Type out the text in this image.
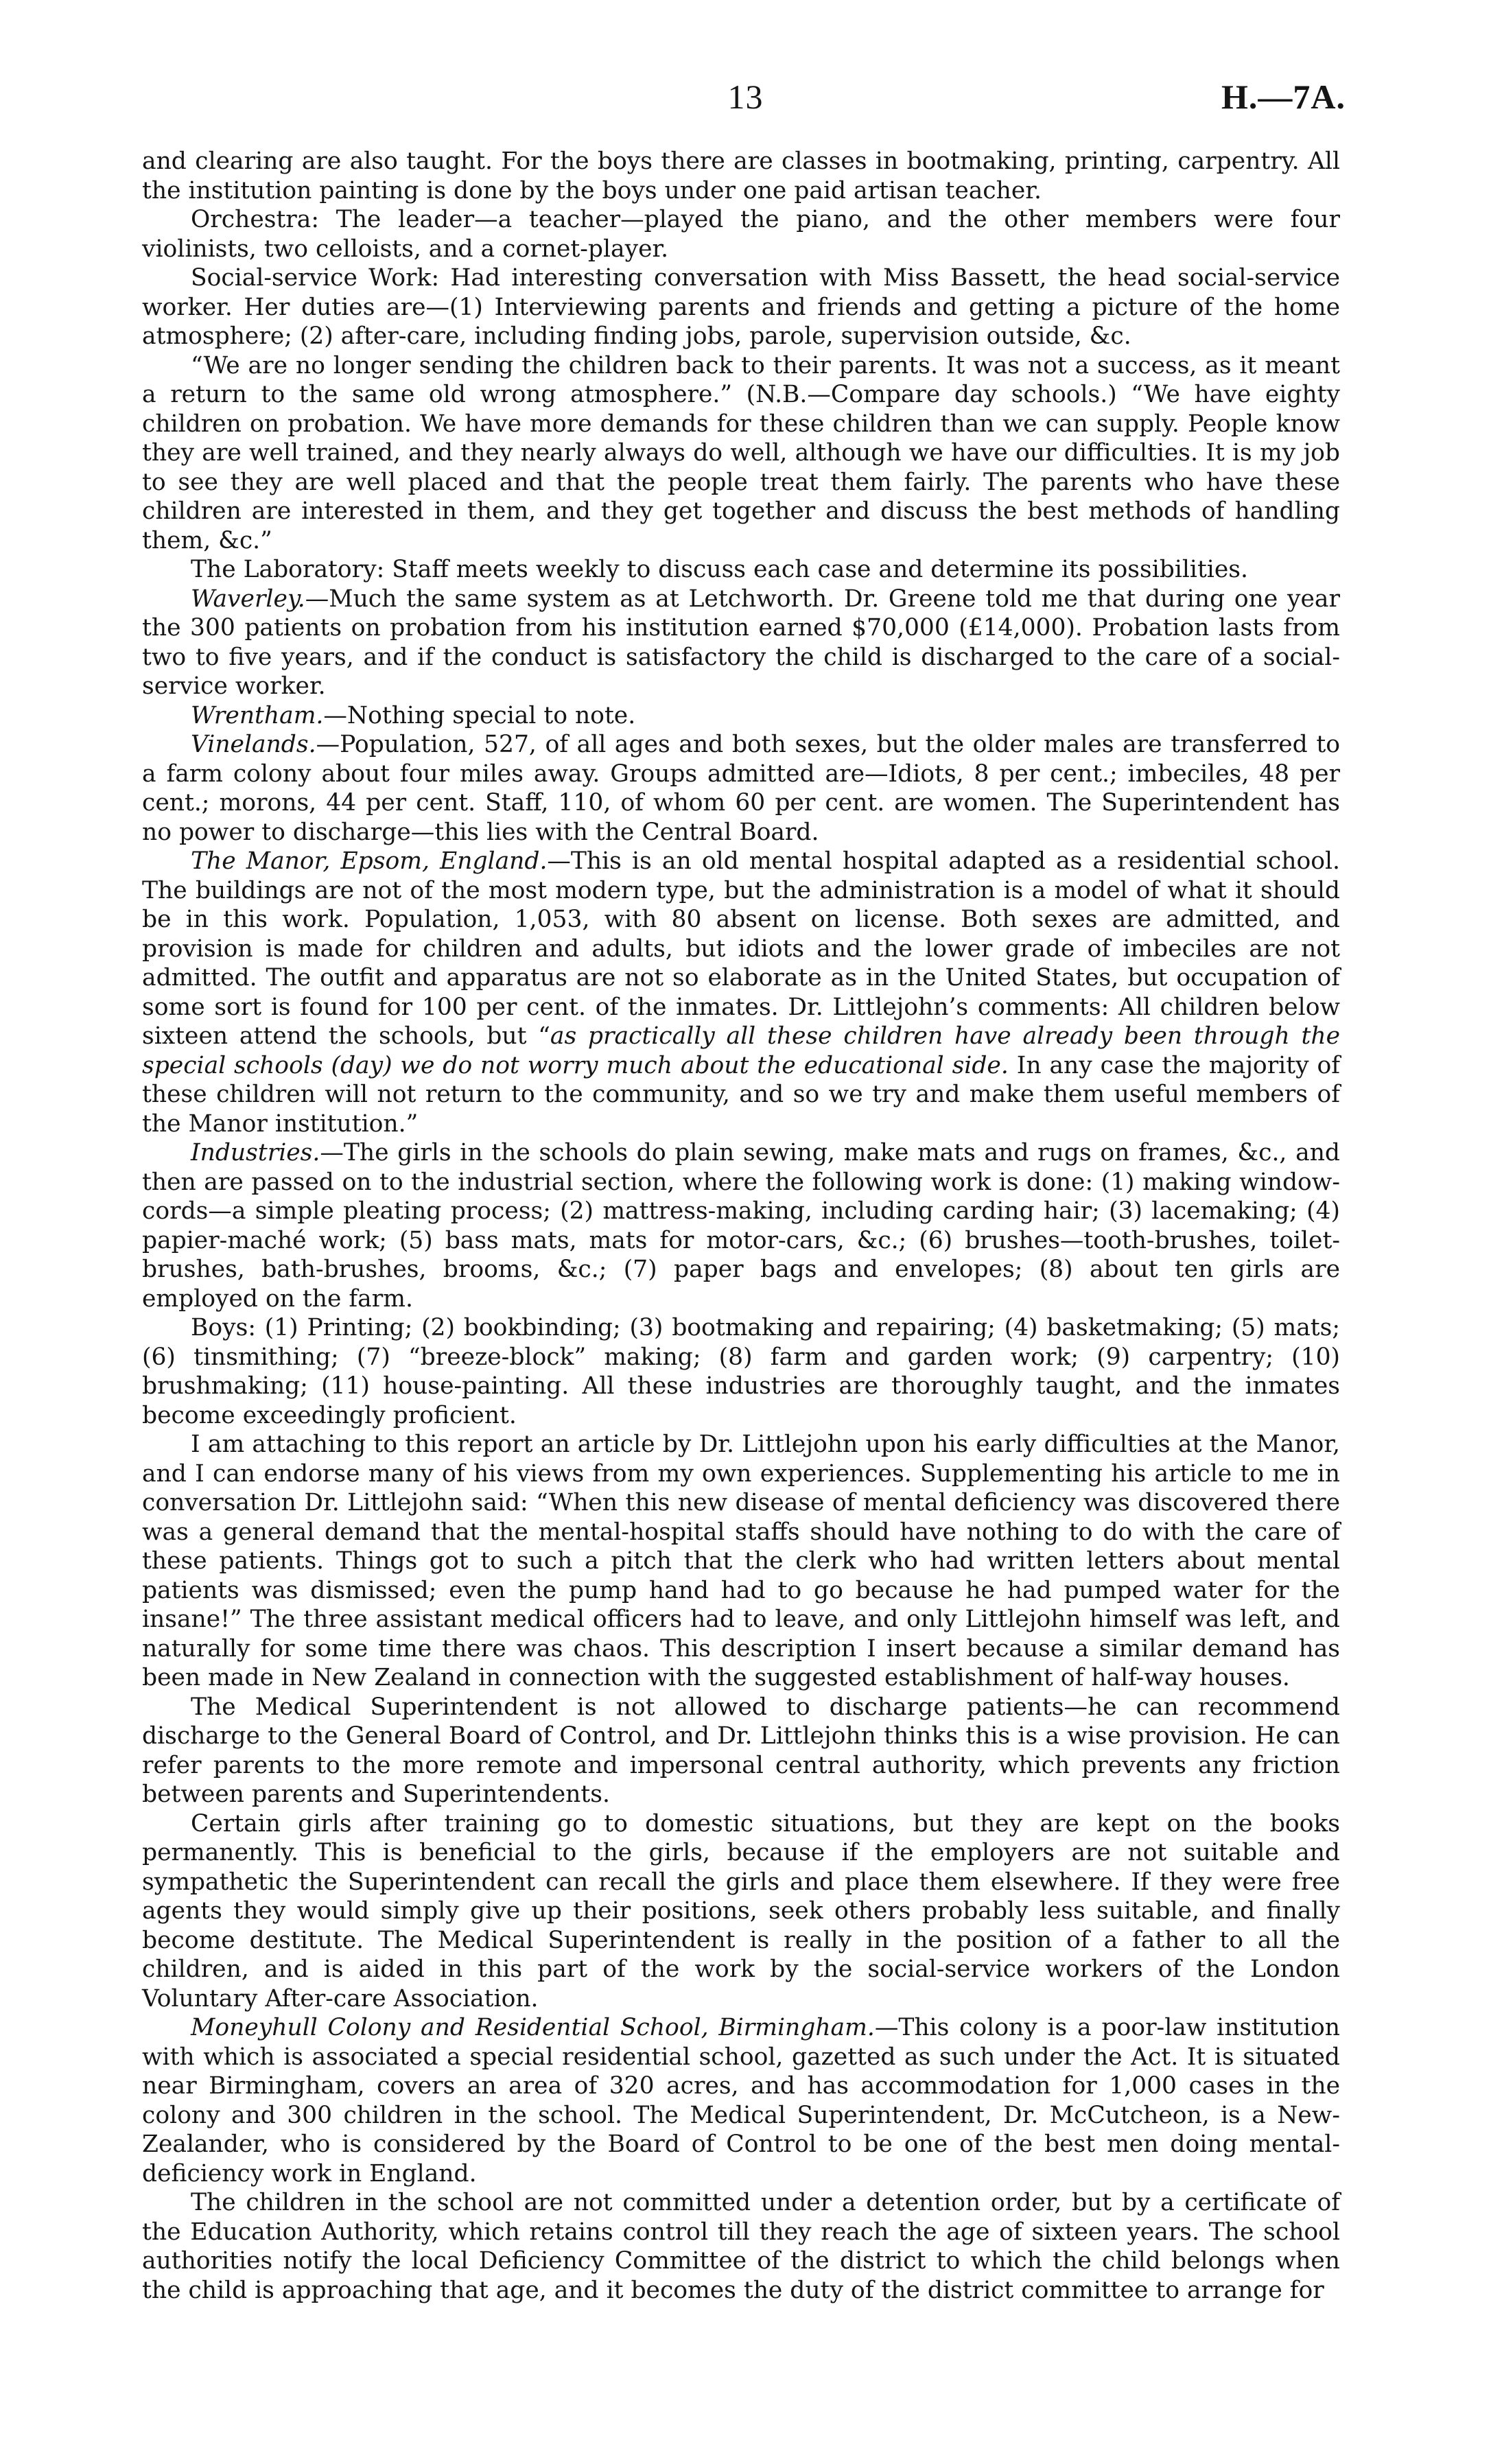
13	H.—7A.

and clearing are also taught. For the boys there are classes in bootmaking, printing, carpentry. All the institution painting is done by the boys under one paid artisan teacher.

Orchestra: The leader—a teacher—played the piano, and the other members were four violinists, two celloists, and a cornet-player.

Social-service Work: Had interesting conversation with Miss Bassett, the head social-service worker. Her duties are—(1) Interviewing parents and friends and getting a picture of the home atmosphere; (2) after-care, including finding jobs, parole, supervision outside, &c.

“We are no longer sending the children back to their parents. It was not a success, as it meant a return to the same old wrong atmosphere.” (N.B.—Compare day schools.) “We have eighty children on probation. We have more demands for these children than we can supply. People know they are well trained, and they nearly always do well, although we have our difficulties. It is my job to see they are well placed and that the people treat them fairly. The parents who have these children are interested in them, and they get together and discuss the best methods of handling them, &c.”

The Laboratory: Staff meets weekly to discuss each case and determine its possibilities.

Waverley.—Much the same system as at Letchworth. Dr. Greene told me that during one year the 300 patients on probation from his institution earned $70,000 (£14,000). Probation lasts from two to five years, and if the conduct is satisfactory the child is discharged to the care of a social-service worker.

Wrentham.—Nothing special to note.

Vinelands.—Population, 527, of all ages and both sexes, but the older males are transferred to a farm colony about four miles away. Groups admitted are—Idiots, 8 per cent.; imbeciles, 48 per cent.; morons, 44 per cent. Staff, 110, of whom 60 per cent. are women. The Superintendent has no power to discharge—this lies with the Central Board.

The Manor, Epsom, England.—This is an old mental hospital adapted as a residential school. The buildings are not of the most modern type, but the administration is a model of what it should be in this work. Population, 1,053, with 80 absent on license. Both sexes are admitted, and provision is made for children and adults, but idiots and the lower grade of imbeciles are not admitted. The outfit and apparatus are not so elaborate as in the United States, but occupation of some sort is found for 100 per cent. of the inmates. Dr. Littlejohn’s comments: All children below sixteen attend the schools, but “as practically all these children have already been through the special schools (day) we do not worry much about the educational side. In any case the majority of these children will not return to the community, and so we try and make them useful members of the Manor institution.”

Industries.—The girls in the schools do plain sewing, make mats and rugs on frames, &c., and then are passed on to the industrial section, where the following work is done: (1) making window-cords—a simple pleating process; (2) mattress-making, including carding hair; (3) lacemaking; (4) papier-maché work; (5) bass mats, mats for motor-cars, &c.; (6) brushes—tooth-brushes, toilet-brushes, bath-brushes, brooms, &c.; (7) paper bags and envelopes; (8) about ten girls are employed on the farm.

Boys: (1) Printing; (2) bookbinding; (3) bootmaking and repairing; (4) basketmaking; (5) mats; (6) tinsmithing; (7) “breeze-block” making; (8) farm and garden work; (9) carpentry; (10) brushmaking; (11) house-painting. All these industries are thoroughly taught, and the inmates become exceedingly proficient.

I am attaching to this report an article by Dr. Littlejohn upon his early difficulties at the Manor, and I can endorse many of his views from my own experiences. Supplementing his article to me in conversation Dr. Littlejohn said: “When this new disease of mental deficiency was discovered there was a general demand that the mental-hospital staffs should have nothing to do with the care of these patients. Things got to such a pitch that the clerk who had written letters about mental patients was dismissed; even the pump hand had to go because he had pumped water for the insane!” The three assistant medical officers had to leave, and only Littlejohn himself was left, and naturally for some time there was chaos. This description I insert because a similar demand has been made in New Zealand in connection with the suggested establishment of half-way houses.

The Medical Superintendent is not allowed to discharge patients—he can recommend discharge to the General Board of Control, and Dr. Littlejohn thinks this is a wise provision. He can refer parents to the more remote and impersonal central authority, which prevents any friction between parents and Superintendents.

Certain girls after training go to domestic situations, but they are kept on the books permanently. This is beneficial to the girls, because if the employers are not suitable and sympathetic the Superintendent can recall the girls and place them elsewhere. If they were free agents they would simply give up their positions, seek others probably less suitable, and finally become destitute. The Medical Superintendent is really in the position of a father to all the children, and is aided in this part of the work by the social-service workers of the London Voluntary After-care Association.

Moneyhull Colony and Residential School, Birmingham.—This colony is a poor-law institution with which is associated a special residential school, gazetted as such under the Act. It is situated near Birmingham, covers an area of 320 acres, and has accommodation for 1,000 cases in the colony and 300 children in the school. The Medical Superintendent, Dr. McCutcheon, is a New-Zealander, who is considered by the Board of Control to be one of the best men doing mental-deficiency work in England.

The children in the school are not committed under a detention order, but by a certificate of the Education Authority, which retains control till they reach the age of sixteen years. The school authorities notify the local Deficiency Committee of the district to which the child belongs when the child is approaching that age, and it becomes the duty of the district committee to arrange for
